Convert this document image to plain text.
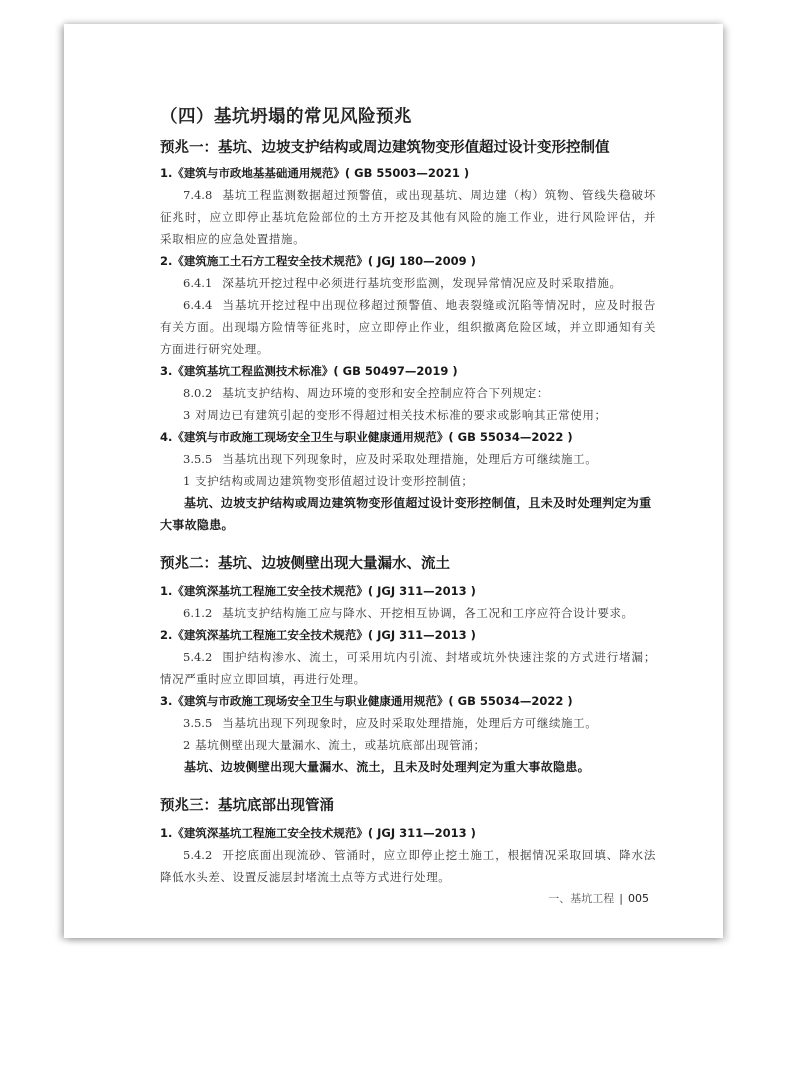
（四）基坑坍塌的常见风险预兆
预兆一：基坑、边坡支护结构或周边建筑物变形值超过设计变形控制值
1.《建筑与市政地基基础通用规范》( GB 55003—2021 )
7.4.8 基坑工程监测数据超过预警值，或出现基坑、周边建（构）筑物、管线失稳破坏征兆时，应立即停止基坑危险部位的土方开挖及其他有风险的施工作业，进行风险评估，并采取相应的应急处置措施。
2.《建筑施工土石方工程安全技术规范》( JGJ 180—2009 )
6.4.1 深基坑开挖过程中必须进行基坑变形监测，发现异常情况应及时采取措施。
6.4.4 当基坑开挖过程中出现位移超过预警值、地表裂缝或沉陷等情况时，应及时报告有关方面。出现塌方险情等征兆时，应立即停止作业，组织撤离危险区域，并立即通知有关方面进行研究处理。
3.《建筑基坑工程监测技术标准》( GB 50497—2019 )
8.0.2 基坑支护结构、周边环境的变形和安全控制应符合下列规定：
3 对周边已有建筑引起的变形不得超过相关技术标准的要求或影响其正常使用；
4.《建筑与市政施工现场安全卫生与职业健康通用规范》( GB 55034—2022 )
3.5.5 当基坑出现下列现象时，应及时采取处理措施，处理后方可继续施工。
1 支护结构或周边建筑物变形值超过设计变形控制值；
基坑、边坡支护结构或周边建筑物变形值超过设计变形控制值，且未及时处理判定为重大事故隐患。
预兆二：基坑、边坡侧壁出现大量漏水、流土
1.《建筑深基坑工程施工安全技术规范》( JGJ 311—2013 )
6.1.2 基坑支护结构施工应与降水、开挖相互协调，各工况和工序应符合设计要求。
2.《建筑深基坑工程施工安全技术规范》( JGJ 311—2013 )
5.4.2 围护结构渗水、流土，可采用坑内引流、封堵或坑外快速注浆的方式进行堵漏；情况严重时应立即回填，再进行处理。
3.《建筑与市政施工现场安全卫生与职业健康通用规范》( GB 55034—2022 )
3.5.5 当基坑出现下列现象时，应及时采取处理措施，处理后方可继续施工。
2 基坑侧壁出现大量漏水、流土，或基坑底部出现管涌；
基坑、边坡侧壁出现大量漏水、流土，且未及时处理判定为重大事故隐患。
预兆三：基坑底部出现管涌
1.《建筑深基坑工程施工安全技术规范》( JGJ 311—2013 )
5.4.2 开挖底面出现流砂、管涌时，应立即停止挖土施工，根据情况采取回填、降水法降低水头差、设置反滤层封堵流土点等方式进行处理。
一、基坑工程 | 005
